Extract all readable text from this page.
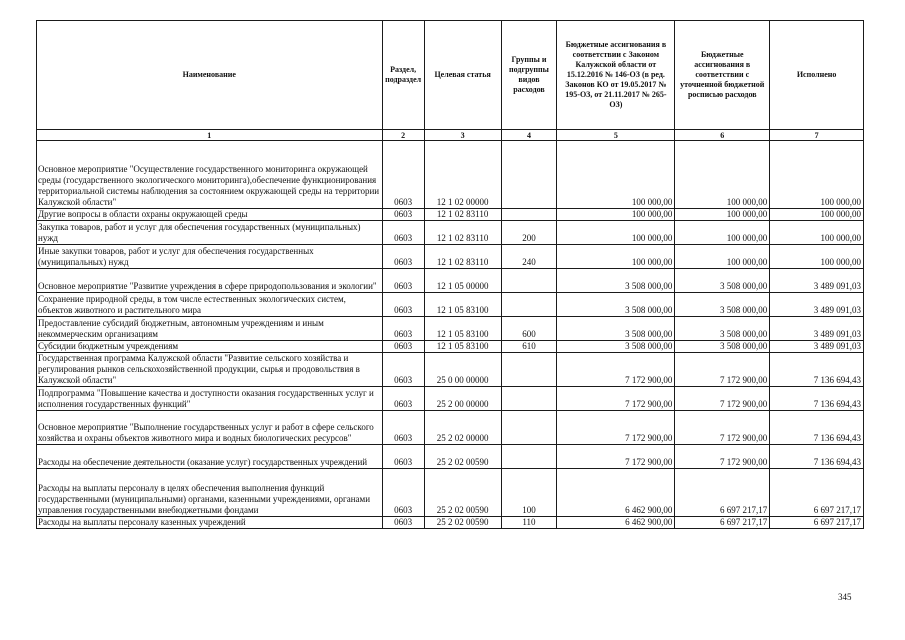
Наименование	Раздел, подраздел	Целевая статья	Группы и подгруппы видов расходов	Бюджетные ассигнования в соответствии с Законом Калужской области от 15.12.2016 № 146-ОЗ (в ред. Законов КО от 19.05.2017 № 195-ОЗ, от 21.11.2017 № 265-ОЗ)	Бюджетные ассигнования в соответствии с уточненной бюджетной росписью расходов	Исполнено
1	2	3	4	5	6	7
Основное мероприятие "Осуществление государственного мониторинга окружающей среды (государственного экологического мониторинга),обеспечение функционирования территориальной системы наблюдения за состоянием окружающей среды на территории Калужской области"	0603	12 1 02 00000		100 000,00	100 000,00	100 000,00
Другие вопросы в области охраны окружающей среды	0603	12 1 02 83110		100 000,00	100 000,00	100 000,00
Закупка товаров, работ и услуг для обеспечения государственных (муниципальных) нужд	0603	12 1 02 83110	200	100 000,00	100 000,00	100 000,00
Иные закупки товаров, работ и услуг для обеспечения государственных (муниципальных) нужд	0603	12 1 02 83110	240	100 000,00	100 000,00	100 000,00
Основное мероприятие "Развитие учреждения в сфере природопользования и экологии"	0603	12 1 05 00000		3 508 000,00	3 508 000,00	3 489 091,03
Сохранение природной среды, в том числе естественных экологических систем, объектов животного и растительного мира	0603	12 1 05 83100		3 508 000,00	3 508 000,00	3 489 091,03
Предоставление субсидий бюджетным, автономным учреждениям и иным некоммерческим организациям	0603	12 1 05 83100	600	3 508 000,00	3 508 000,00	3 489 091,03
Субсидии бюджетным учреждениям	0603	12 1 05 83100	610	3 508 000,00	3 508 000,00	3 489 091,03
Государственная программа Калужской области "Развитие сельского хозяйства и регулирования рынков сельскохозяйственной продукции, сырья и продовольствия в Калужской области"	0603	25 0 00 00000		7 172 900,00	7 172 900,00	7 136 694,43
Подпрограмма "Повышение качества и доступности оказания государственных услуг и исполнения государственных функций"	0603	25 2 00 00000		7 172 900,00	7 172 900,00	7 136 694,43
Основное мероприятие "Выполнение государственных услуг и работ в сфере сельского хозяйства и охраны объектов животного мира и водных биологических ресурсов"	0603	25 2 02 00000		7 172 900,00	7 172 900,00	7 136 694,43
Расходы на обеспечение деятельности (оказание услуг) государственных учреждений	0603	25 2 02 00590		7 172 900,00	7 172 900,00	7 136 694,43
Расходы на выплаты персоналу в целях обеспечения выполнения функций государственными (муниципальными) органами, казенными учреждениями, органами управления государственными внебюджетными фондами	0603	25 2 02 00590	100	6 462 900,00	6 697 217,17	6 697 217,17
Расходы на выплаты персоналу казенных учреждений	0603	25 2 02 00590	110	6 462 900,00	6 697 217,17	6 697 217,17
345
